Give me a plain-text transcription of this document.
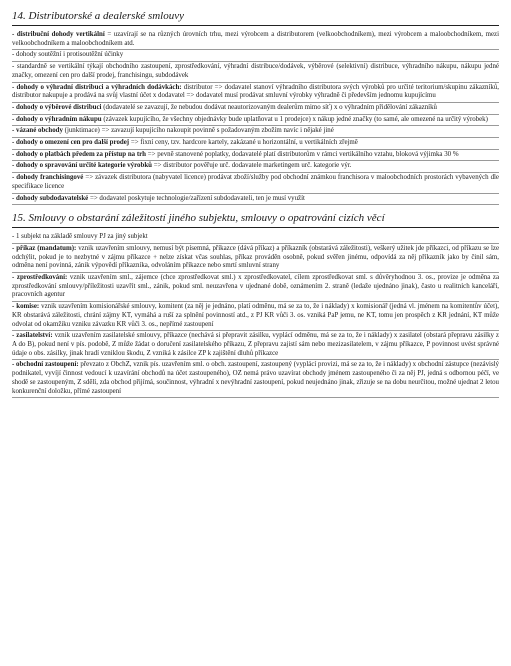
14. Distributorské a dealerské smlouvy

- distribuční dohody vertikální = uzavírají se na různých úrovních trhu, mezi výrobcem a distributorem (velkoobchodníkem), mezi výrobcem a maloobchodníkem, mezi velkoobchodníkem a maloobchodníkem atd.

- dohody soutěžní i protisoutěžní účinky

- standardně se vertikální týkají obchodního zastoupení, zprostředkování, výhradní distribuce/dodávek, výběrové (selektivní) distribuce, výhradního nákupu, nákupu jedné značky, omezení cen pro další prodej, franchisingu, subdodávek

- dohody o výhradní distribuci a výhradních dodávkách: distributor => dodavatel stanoví výhradního distributora svých výrobků pro určité teritorium/skupinu zákazníků, distributor nakupuje a prodává na svůj vlastní účet x dodavatel => dodavatel musí prodávat smluvní výrobky výhradně či především jednomu kupujícímu

- dohody o výběrové distribuci (dodavatelé se zavazují, že nebudou dodávat neautorizovaným dealerům mimo síť) x o výhradním přidělování zákazníků

- dohody o výhradním nákupu (závazek kupujícího, že všechny objednávky bude uplatňovat u 1 prodejce) x nákup jedné značky (to samé, ale omezené na určitý výrobek)

- vázané obchody (junktimace) => zavazují kupujícího nakoupit povinně s požadovaným zbožím navíc i nějaké jiné

- dohody o omezení cen pro další prodej => fixní ceny, tzv. hardcore kartely, zakázané u horizontální, u vertikálních zřejmě

- dohody o platbách předem za přístup na trh => pevně stanovené poplatky, dodavatelé platí distributorům v rámci vertikálního vztahu, bloková výjimka 30 %

- dohody o spravování určité kategorie výrobků => distributor pověřuje urč. dodavatele marketingem urč. kategorie výr.

- dohody franchisingové => závazek distributora (nabyvatel licence) prodávat zboží/služby pod obchodní známkou franchisora v maloobchodních prostorách vybavených dle specifikace licence

- dohody subdodavatelské => dodavatel poskytuje technologie/zařízení subdodavateli, ten je musí využít

15. Smlouvy o obstarání záležitostí jiného subjektu, smlouvy o opatrování cizích věcí

- 1 subjekt na základě smlouvy PJ za jiný subjekt

- příkaz (mandatum): vznik uzavřením smlouvy, nemusí být písemná, příkazce (dává příkaz) a příkazník (obstarává záležitosti), veškerý užitek jde příkazci, od příkazu se lze odchýlit, pokud je to nezbytné v zájmu příkazce + nelze získat včas souhlas, příkaz prováděn osobně, pokud svěřen jinému, odpovídá za něj příkazník jako by činil sám, odměna není povinná, zánik výpovědí příkazníka, odvoláním příkazce nebo smrtí smluvní strany

- zprostředkování: vznik uzavřením sml., zájemce (chce zprostředkovat sml.) x zprostředkovatel, cílem zprostředkovat sml. s důvěryhodnou 3. os., provize je odměna za zprostředkování smlouvy/příležitosti uzavřít sml., zánik, pokud sml. neuzavřena v ujednané době, oznámením 2. straně (ledaže ujednáno jinak), často u realitních kanceláří, pracovních agentur

- komise: vznik uzavřením komisionářské smlouvy, komitent (za něj je jednáno, platí odměnu, má se za to, že i náklady) x komisionář (jedná vl. jménem na komitentův účet), KR obstarává záležitosti, chrání zájmy KT, vymáhá a ruší za splnění povinností atd., z PJ KR vůči 3. os. vzniká PaP jemu, ne KT, tomu jen prospěch z KR jednání, KT může odvolat od okamžiku vzniku závazku KR vůči 3. os., nepřímé zastoupení

- zasilatelství: vznik uzavřením zasilatelské smlouvy, příkazce (nechává si přepravit zásilku, vyplácí odměnu, má se za to, že i náklady) x zasilatel (obstará přepravu zásilky z A do B), pokud není v pís. podobě, Z může žádat o doručení zasilatelského příkazu, Z přepravu zajistí sám nebo mezizasilatelem, v zájmu příkazce, P povinnost uvést správné údaje o obs. zásilky, jinak hradí vzniklou škodu, Z vzniká k zásilce ZP k zajištění dluhů příkazce

- obchodní zastoupení: převzato z ObchZ, vznik pís. uzavřením sml. o obch. zastoupení, zastoupený (vyplácí provizi, má se za to, že i náklady) x obchodní zástupce (nezávislý podnikatel, vyvíjí činnost vedoucí k uzavírání obchodů na účet zastoupeného), OZ nemá právo uzavírat obchody jménem zastoupeného či za něj PJ, jedná s odbornou péčí, ve shodě se zastoupeným, Z sdělí, zda obchod přijímá, součinnost, výhradní x nevýhradní zastoupení, pokud neujednáno jinak, zřizuje se na dobu neurčitou, možné ujednat 2 letou konkurenční doložku, přímé zastoupení
